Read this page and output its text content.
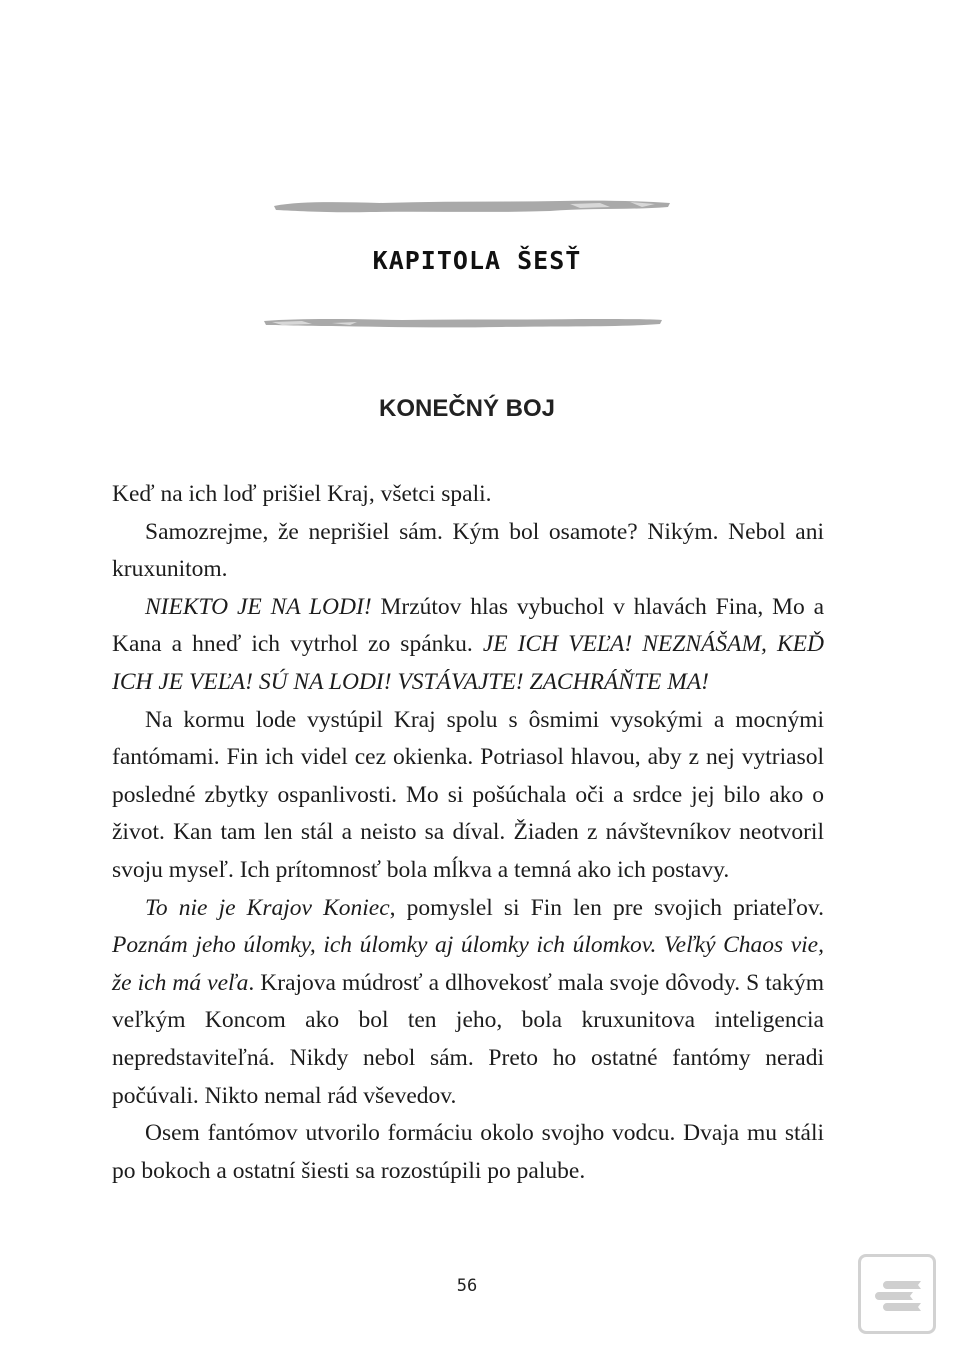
KAPITOLA ŠESŤ
KONEČNÝ BOJ

Keď na ich loď prišiel Kraj, všetci spali.

Samozrejme, že neprišiel sám. Kým bol osamote? Nikým. Nebol ani kruxunitom.

NIEKTO JE NA LODI! Mrzútov hlas vybuchol v hlavách Fina, Mo a Kana a hneď ich vytrhol zo spánku. JE ICH VEĽA! NEZNÁŠAM, KEĎ ICH JE VEĽA! SÚ NA LODI! VSTÁVAJTE! ZACHRÁŇTE MA!

Na kormu lode vystúpil Kraj spolu s ôsmimi vysokými a mocnými fantómami. Fin ich videl cez okienka. Potriasol hlavou, aby z nej vytriasol posledné zbytky ospanlivosti. Mo si pošúchala oči a srdce jej bilo ako o život. Kan tam len stál a neisto sa díval. Žiaden z návštevníkov neotvoril svoju myseľ. Ich prítomnosť bola mĺkva a temná ako ich postavy.

To nie je Krajov Koniec, pomyslel si Fin len pre svojich priateľov. Poznám jeho úlomky, ich úlomky aj úlomky ich úlomkov. Veľký Chaos vie, že ich má veľa. Krajova múdrosť a dlhovekosť mala svoje dôvody. S takým veľkým Koncom ako bol ten jeho, bola kruxunitova inteligencia nepredstaviteľná. Nikdy nebol sám. Preto ho ostatné fantómy neradi počúvali. Nikto nemal rád vševedov.

Osem fantómov utvorilo formáciu okolo svojho vodcu. Dvaja mu stáli po bokoch a ostatní šiesti sa rozostúpili po palube.

56
